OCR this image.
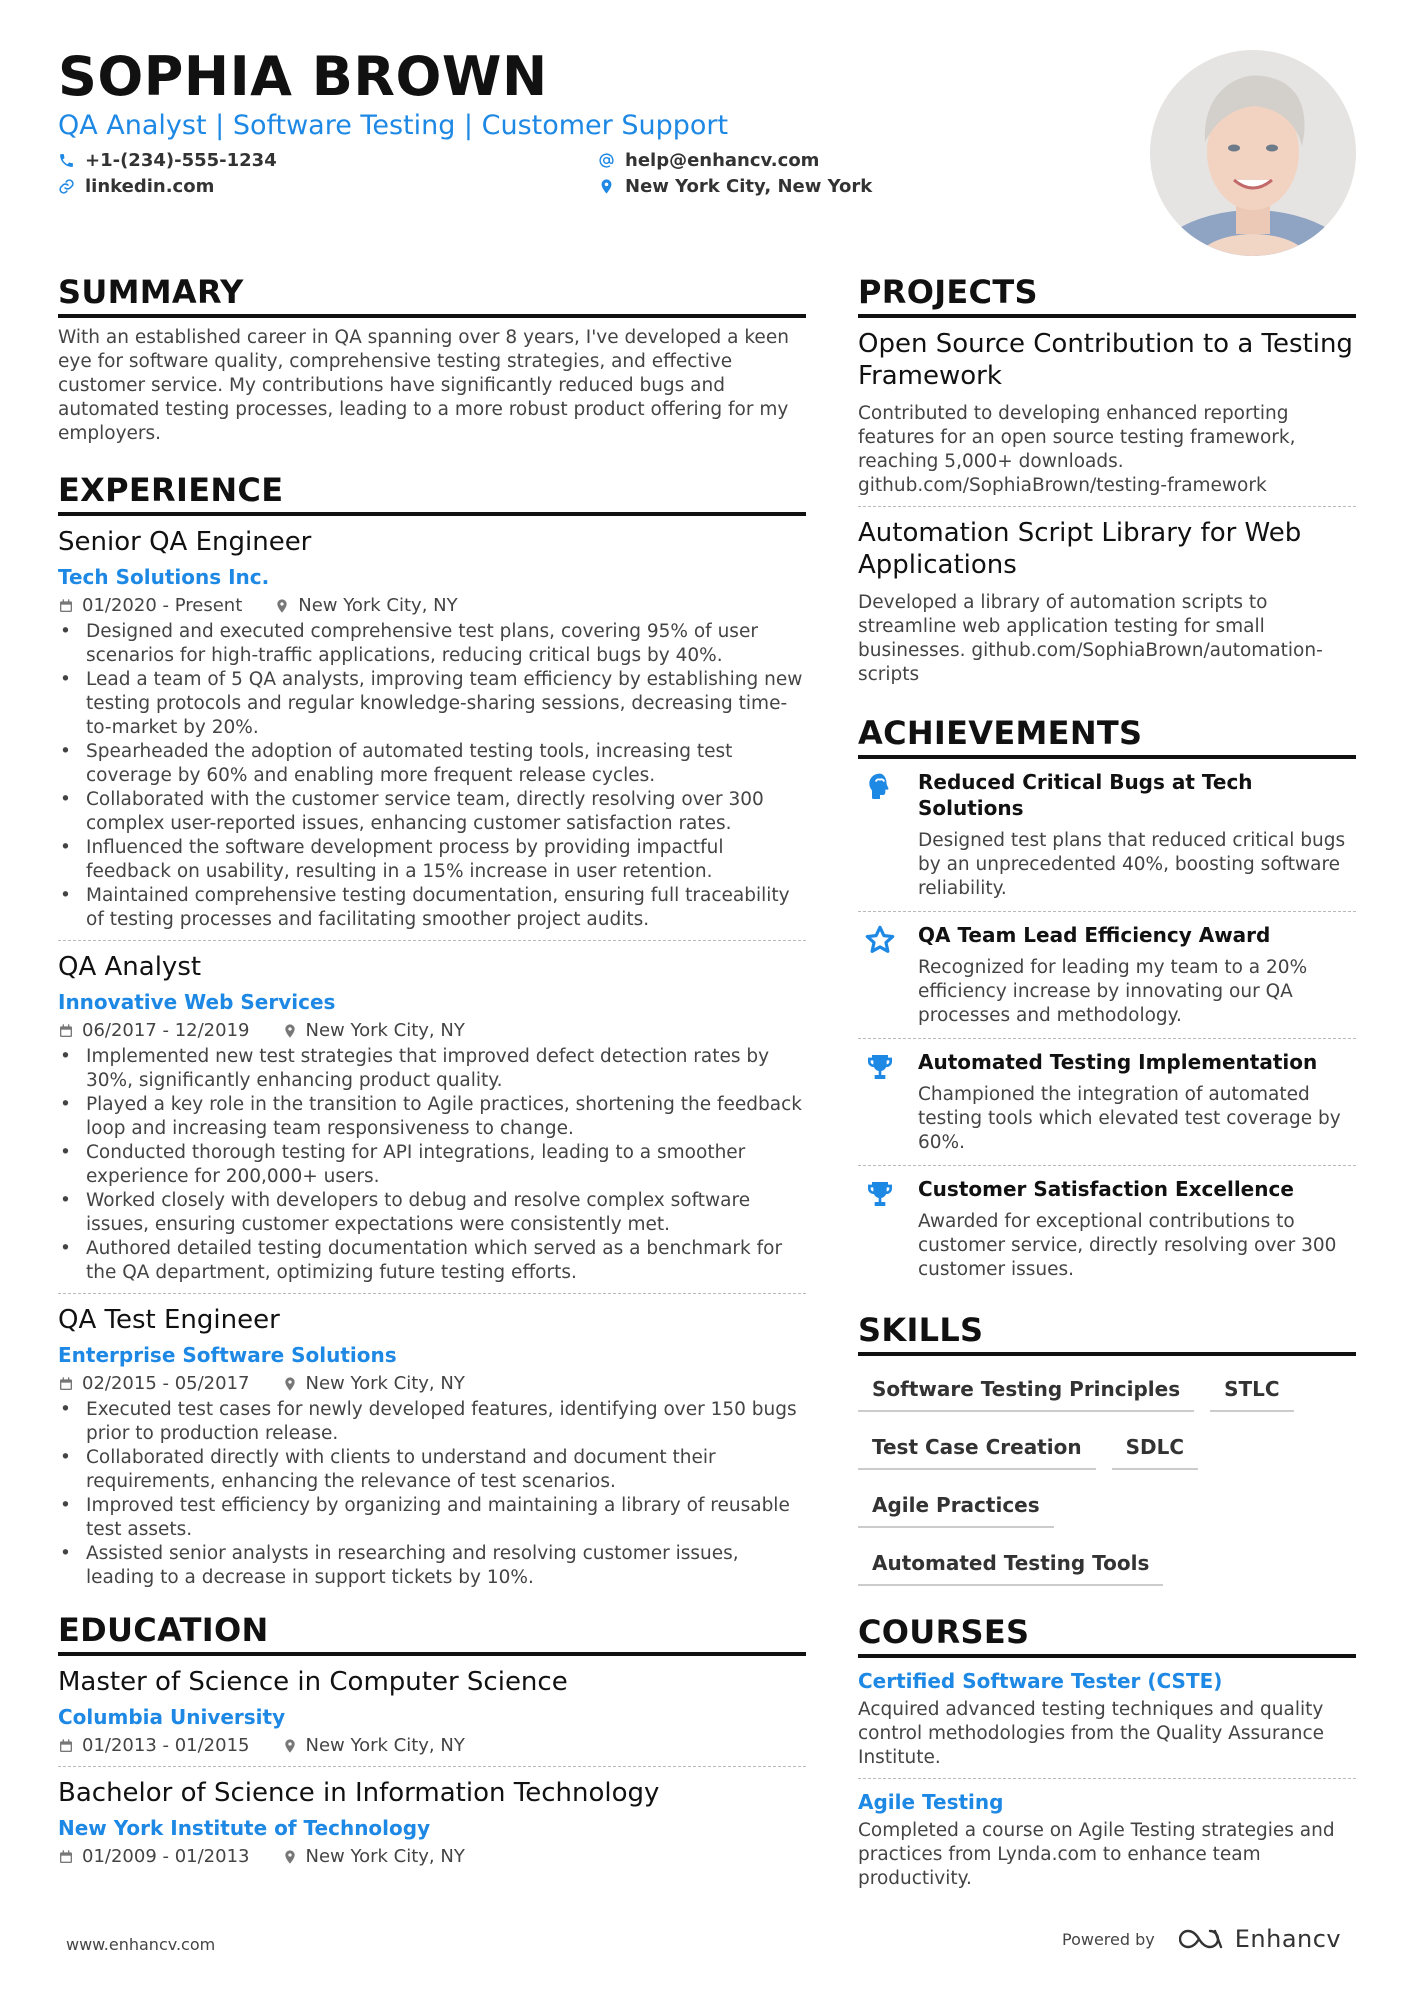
SOPHIA BROWN
QA Analyst | Software Testing | Customer Support
+1-(234)-555-1234	help@enhancv.com
linkedin.com	New York City, New York
SUMMARY

With an established career in QA spanning over 8 years, I've developed a keen eye for software quality, comprehensive testing strategies, and effective customer service. My contributions have significantly reduced bugs and automated testing processes, leading to a more robust product offering for my employers.

EXPERIENCE
Senior QA Engineer
Tech Solutions Inc.
01/2020 - Present	New York City, NY
• Designed and executed comprehensive test plans, covering 95% of user scenarios for high-traffic applications, reducing critical bugs by 40%.
• Lead a team of 5 QA analysts, improving team efficiency by establishing new testing protocols and regular knowledge-sharing sessions, decreasing time-to-market by 20%.
• Spearheaded the adoption of automated testing tools, increasing test coverage by 60% and enabling more frequent release cycles.
• Collaborated with the customer service team, directly resolving over 300 complex user-reported issues, enhancing customer satisfaction rates.
• Influenced the software development process by providing impactful feedback on usability, resulting in a 15% increase in user retention.
• Maintained comprehensive testing documentation, ensuring full traceability of testing processes and facilitating smoother project audits.
QA Analyst
Innovative Web Services
06/2017 - 12/2019	New York City, NY
• Implemented new test strategies that improved defect detection rates by 30%, significantly enhancing product quality.
• Played a key role in the transition to Agile practices, shortening the feedback loop and increasing team responsiveness to change.
• Conducted thorough testing for API integrations, leading to a smoother experience for 200,000+ users.
• Worked closely with developers to debug and resolve complex software issues, ensuring customer expectations were consistently met.
• Authored detailed testing documentation which served as a benchmark for the QA department, optimizing future testing efforts.
QA Test Engineer
Enterprise Software Solutions
02/2015 - 05/2017	New York City, NY
• Executed test cases for newly developed features, identifying over 150 bugs prior to production release.
• Collaborated directly with clients to understand and document their requirements, enhancing the relevance of test scenarios.
• Improved test efficiency by organizing and maintaining a library of reusable test assets.
• Assisted senior analysts in researching and resolving customer issues, leading to a decrease in support tickets by 10%.
EDUCATION
Master of Science in Computer Science
Columbia University
01/2013 - 01/2015	New York City, NY
Bachelor of Science in Information Technology
New York Institute of Technology
01/2009 - 01/2013	New York City, NY
PROJECTS
Open Source Contribution to a Testing Framework
Contributed to developing enhanced reporting features for an open source testing framework, reaching 5,000+ downloads. github.com/SophiaBrown/testing-framework
Automation Script Library for Web Applications
Developed a library of automation scripts to streamline web application testing for small businesses. github.com/SophiaBrown/automation-scripts
ACHIEVEMENTS
Reduced Critical Bugs at Tech Solutions
Designed test plans that reduced critical bugs by an unprecedented 40%, boosting software reliability.
QA Team Lead Efficiency Award
Recognized for leading my team to a 20% efficiency increase by innovating our QA processes and methodology.
Automated Testing Implementation
Championed the integration of automated testing tools which elevated test coverage by 60%.
Customer Satisfaction Excellence
Awarded for exceptional contributions to customer service, directly resolving over 300 customer issues.
SKILLS
Software Testing Principles	STLC
Test Case Creation	SDLC
Agile Practices
Automated Testing Tools
COURSES
Certified Software Tester (CSTE)
Acquired advanced testing techniques and quality control methodologies from the Quality Assurance Institute.
Agile Testing
Completed a course on Agile Testing strategies and practices from Lynda.com to enhance team productivity.
www.enhancv.com	Powered by	Enhancv
